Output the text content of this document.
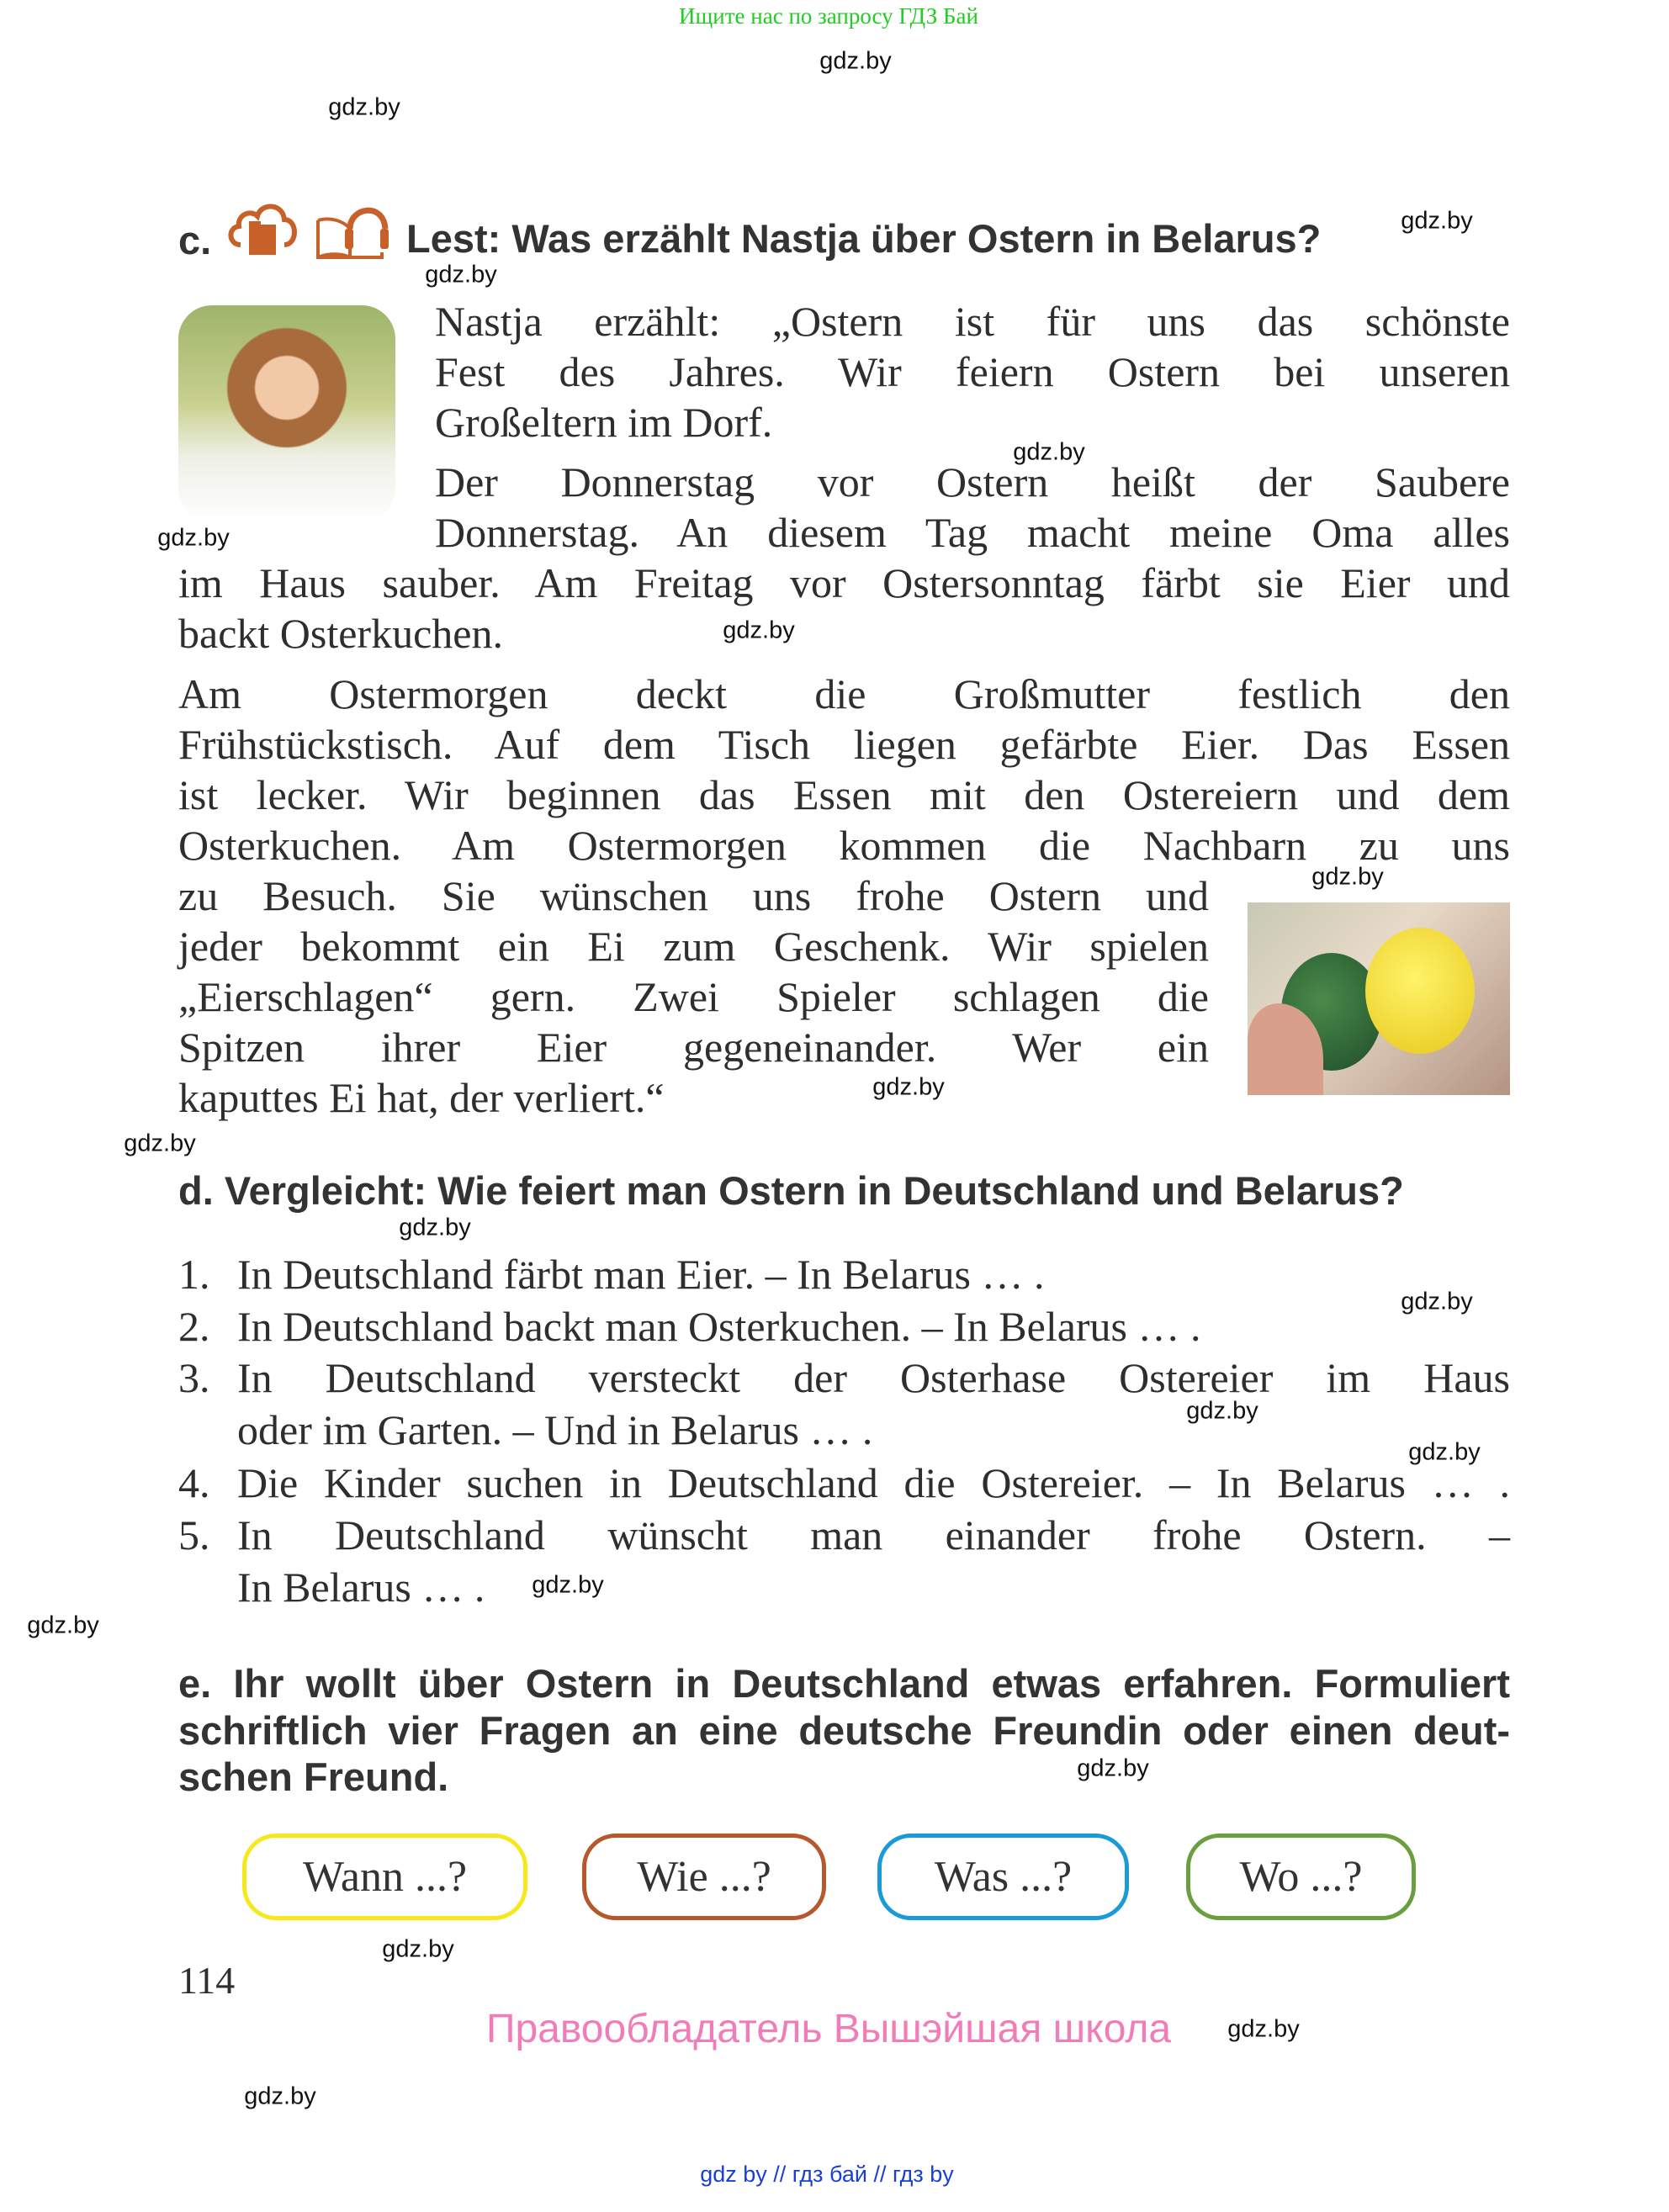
Ищите нас по запросу ГДЗ Бай
c.	Lest: Was erzählt Nastja über Ostern in Belarus?
Nastja erzählt: „Ostern ist für uns das schönste
Fest des Jahres. Wir feiern Ostern bei unseren
Großeltern im Dorf.
Der Donnerstag vor Ostern heißt der Saubere
Donnerstag. An diesem Tag macht meine Oma alles
im Haus sauber. Am Freitag vor Ostersonntag färbt sie Eier und
backt Osterkuchen.
Am Ostermorgen deckt die Großmutter festlich den
Frühstückstisch. Auf dem Tisch liegen gefärbte Eier. Das Essen
ist lecker. Wir beginnen das Essen mit den Ostereiern und dem
Osterkuchen. Am Ostermorgen kommen die Nachbarn zu uns
zu Besuch. Sie wünschen uns frohe Ostern und
jeder bekommt ein Ei zum Geschenk. Wir spielen
„Eierschlagen“ gern. Zwei Spieler schlagen die
Spitzen ihrer Eier gegeneinander. Wer ein
kaputtes Ei hat, der verliert.“
d. Vergleicht: Wie feiert man Ostern in Deutschland und Belarus?
1. In Deutschland färbt man Eier. – In Belarus … .
2. In Deutschland backt man Osterkuchen. – In Belarus … .
3. In Deutschland versteckt der Osterhase Ostereier im Haus
oder im Garten. – Und in Belarus … .
4. Die Kinder suchen in Deutschland die Ostereier. – In Belarus … .
5. In Deutschland wünscht man einander frohe Ostern. –
In Belarus … .
e. Ihr wollt über Ostern in Deutschland etwas erfahren. Formuliert
schriftlich vier Fragen an eine deutsche Freundin oder einen deut-
schen Freund.
Wann ...?	Wie ...?	Was ...?	Wo ...?
114
Правообладатель Вышэйшая школа
gdz by // гдз бай // гдз by
gdz.by
gdz.by
gdz.by
gdz.by
gdz.by
gdz.by
gdz.by
gdz.by
gdz.by
gdz.by
gdz.by
gdz.by
gdz.by
gdz.by
gdz.by
gdz.by
gdz.by
gdz.by
gdz.by
gdz.by
